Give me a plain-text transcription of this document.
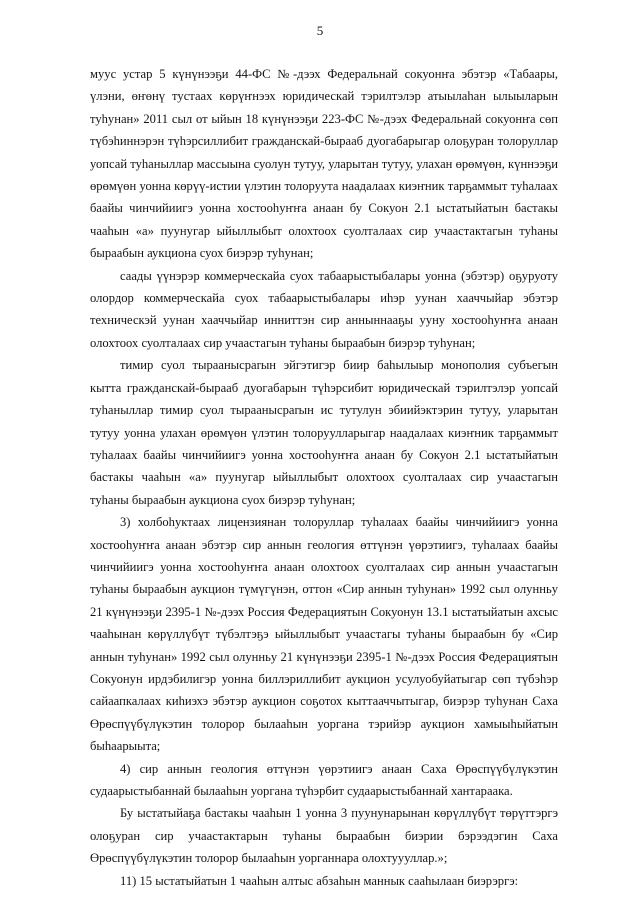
5

муус устар 5 күнүнээҕи 44-ФС №-дээх Федеральнай сокуонҥа эбэтэр «Табаары, үлэни, өҥөнү тустаах көрүҥнээх юридическай тэрилтэлэр атыылаһан ылыыларын туһунан» 2011 сыл от ыйын 18 күнүнээҕи 223-ФС №-дээх Федеральнай сокуонҥа сөп түбэһиннэрэн түһэрсиллибит гражданскай-бырааб дуогабарыгар олоҕуран толоруллар уопсай туһаныллар массыына суолун тутуу, уларытан тутуу, улахан өрөмүөн, күннээҕи өрөмүөн уонна көрүү-истии үлэтин толоруута наадалаах киэҥник тарҕаммыт туһалаах баайы чинчийиигэ уонна хостооһуҥҥа анаан бу Сокуон 2.1 ыстатыйатын бастакы чааһын «а» пуунугар ыйыллыбыт олохтоох суолталаах сир учаастактагын туһаны быраабын аукциона суох биэрэр туһунан;

саады үүнэрэр коммерческайа суох табаарыстыбалары уонна (эбэтэр) оҕуруоту олордор коммерческайа суох табаарыстыбалары иһэр уунан хааччыйар эбэтэр техническэй уунан хааччыйар инниттэн сир анныннааҕы ууну хостооһуҥҥа анаан олохтоох суолталаах сир учаастагын туһаны быраабын биэрэр туһунан;

тимир суол тыраанысparын эйгэтигэр биир баһылыыр монополия субъегын кытта гражданскай-бырааб дуогабарын түһэрсибит юридическай тэрилтэлэр уопсай туһаныллар тимир суол тыраанысparын ис тутулун эбиийэктэрин тутуу, уларытан тутуу уонна улахан өрөмүөн үлэтин толоруулларыгар наадалаах киэҥник тарҕаммыт туһалаах баайы чинчийиигэ уонна хостооһуҥҥа анаан бу Сокуон 2.1 ыстатыйатын бастакы чааһын «а» пуунугар ыйыллыбыт олохтоох суолталаах сир учаастагын туһаны быраабын аукциона суох биэрэр туһунан;

3) холбоһуктаах лицензиянан толоруллар туһалаах баайы чинчийиигэ уонна хостооһуҥҥа анаан эбэтэр сир аннын геология өттүнэн үөрэтиигэ, туһалаах баайы чинчийиигэ уонна хостооһуҥҥа анаан олохтоох суолталаах сир аннын учаастагын туһаны быраабын аукцион түмүгүнэн, оттон «Сир аннын туһунан» 1992 сыл олунньу 21 күнүнээҕи 2395-1 №-дээх Россия Федерациятын Сокуонун 13.1 ыстатыйатын ахсыс чааһынан көрүллүбүт түбэлтэҕэ ыйыллыбыт учаастагы туһаны быраабын бу «Сир аннын туһунан» 1992 сыл олунньу 21 күнүнээҕи 2395-1 №-дээх Россия Федерациятын Сокуонун ирдэбилигэр уонна биллэриллибит аукцион усулуобуйатыгар сөп түбэһэр сайаапкалаах киһиэхэ эбэтэр аукцион соҕотох кыттааччытыгар, биэрэр туһунан Саха Өрөспүүбүлүкэтин толорор былааһын уоргана тэрийэр аукцион хамыыһыйатын быһаарыыта;

4) сир аннын геология өттүнэн үөрэтиигэ анаан Саха Өрөспүүбүлүкэтин судаарыстыбаннай былааһын уоргана түһэрбит судаарыстыбаннай хантараака.

Бу ыстатыйаҕа бастакы чааһын 1 уонна 3 пуунунарынан көрүллүбүт төрүттэргэ олоҕуран сир учаастактарын туһаны быраабын биэрии бэрээдэгин Саха Өрөспүүбүлүкэтин толорор былааһын уорганнара олохтуууллар.»;

11) 15 ыстатыйатын 1 чааһын алтыс абзаһын маннык сааһылаан биэрэргэ:
